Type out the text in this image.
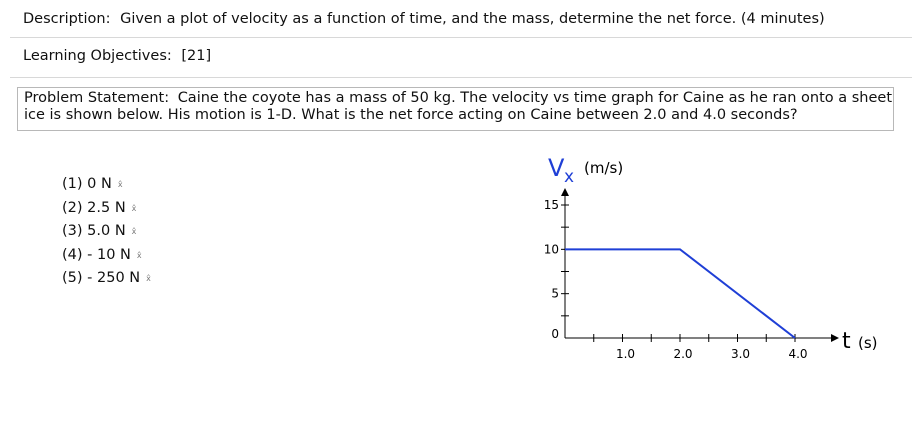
Description: Given a plot of velocity as a function of time, and the mass, determine the net force. (4 minutes)
Learning Objectives: [21]
Problem Statement: Caine the coyote has a mass of 50 kg. The velocity vs time graph for Caine as he ran onto a sheet ice is shown below. His motion is 1-D. What is the net force acting on Caine between 2.0 and 4.0 seconds?
(1)
0 N x̂
(2)
2.5 N x̂
(3)
5.0 N x̂
(4)
- 10 N x̂
(5)
- 250 N x̂
V x (m/s)
t (s)
0
5
10
15
1.0	2.0	3.0	4.0
